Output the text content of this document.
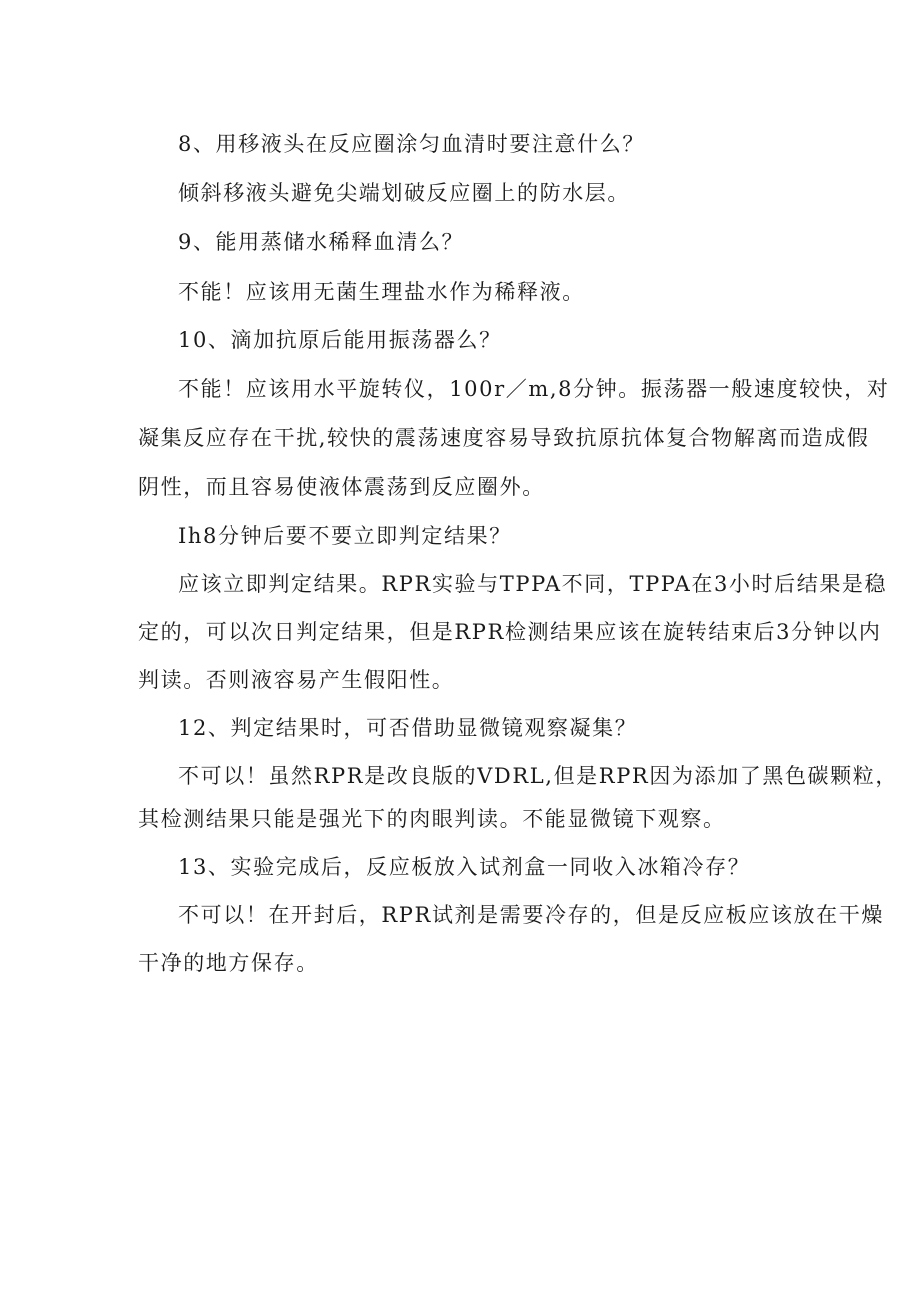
8、用移液头在反应圈涂匀血清时要注意什么？
倾斜移液头避免尖端划破反应圈上的防水层。
9、能用蒸储水稀释血清么？
不能！应该用无菌生理盐水作为稀释液。
10、滴加抗原后能用振荡器么？
不能！应该用水平旋转仪，100r／m,8分钟。振荡器一般速度较快，对
凝集反应存在干扰,较快的震荡速度容易导致抗原抗体复合物解离而造成假
阴性，而且容易使液体震荡到反应圈外。
Ih8分钟后要不要立即判定结果？
应该立即判定结果。RPR实验与TPPA不同，TPPA在3小时后结果是稳
定的，可以次日判定结果，但是RPR检测结果应该在旋转结束后3分钟以内
判读。否则液容易产生假阳性。
12、判定结果时，可否借助显微镜观察凝集？
不可以！虽然RPR是改良版的VDRL,但是RPR因为添加了黑色碳颗粒，
其检测结果只能是强光下的肉眼判读。不能显微镜下观察。
13、实验完成后，反应板放入试剂盒一同收入冰箱冷存？
不可以！在开封后，RPR试剂是需要冷存的，但是反应板应该放在干燥
干净的地方保存。
